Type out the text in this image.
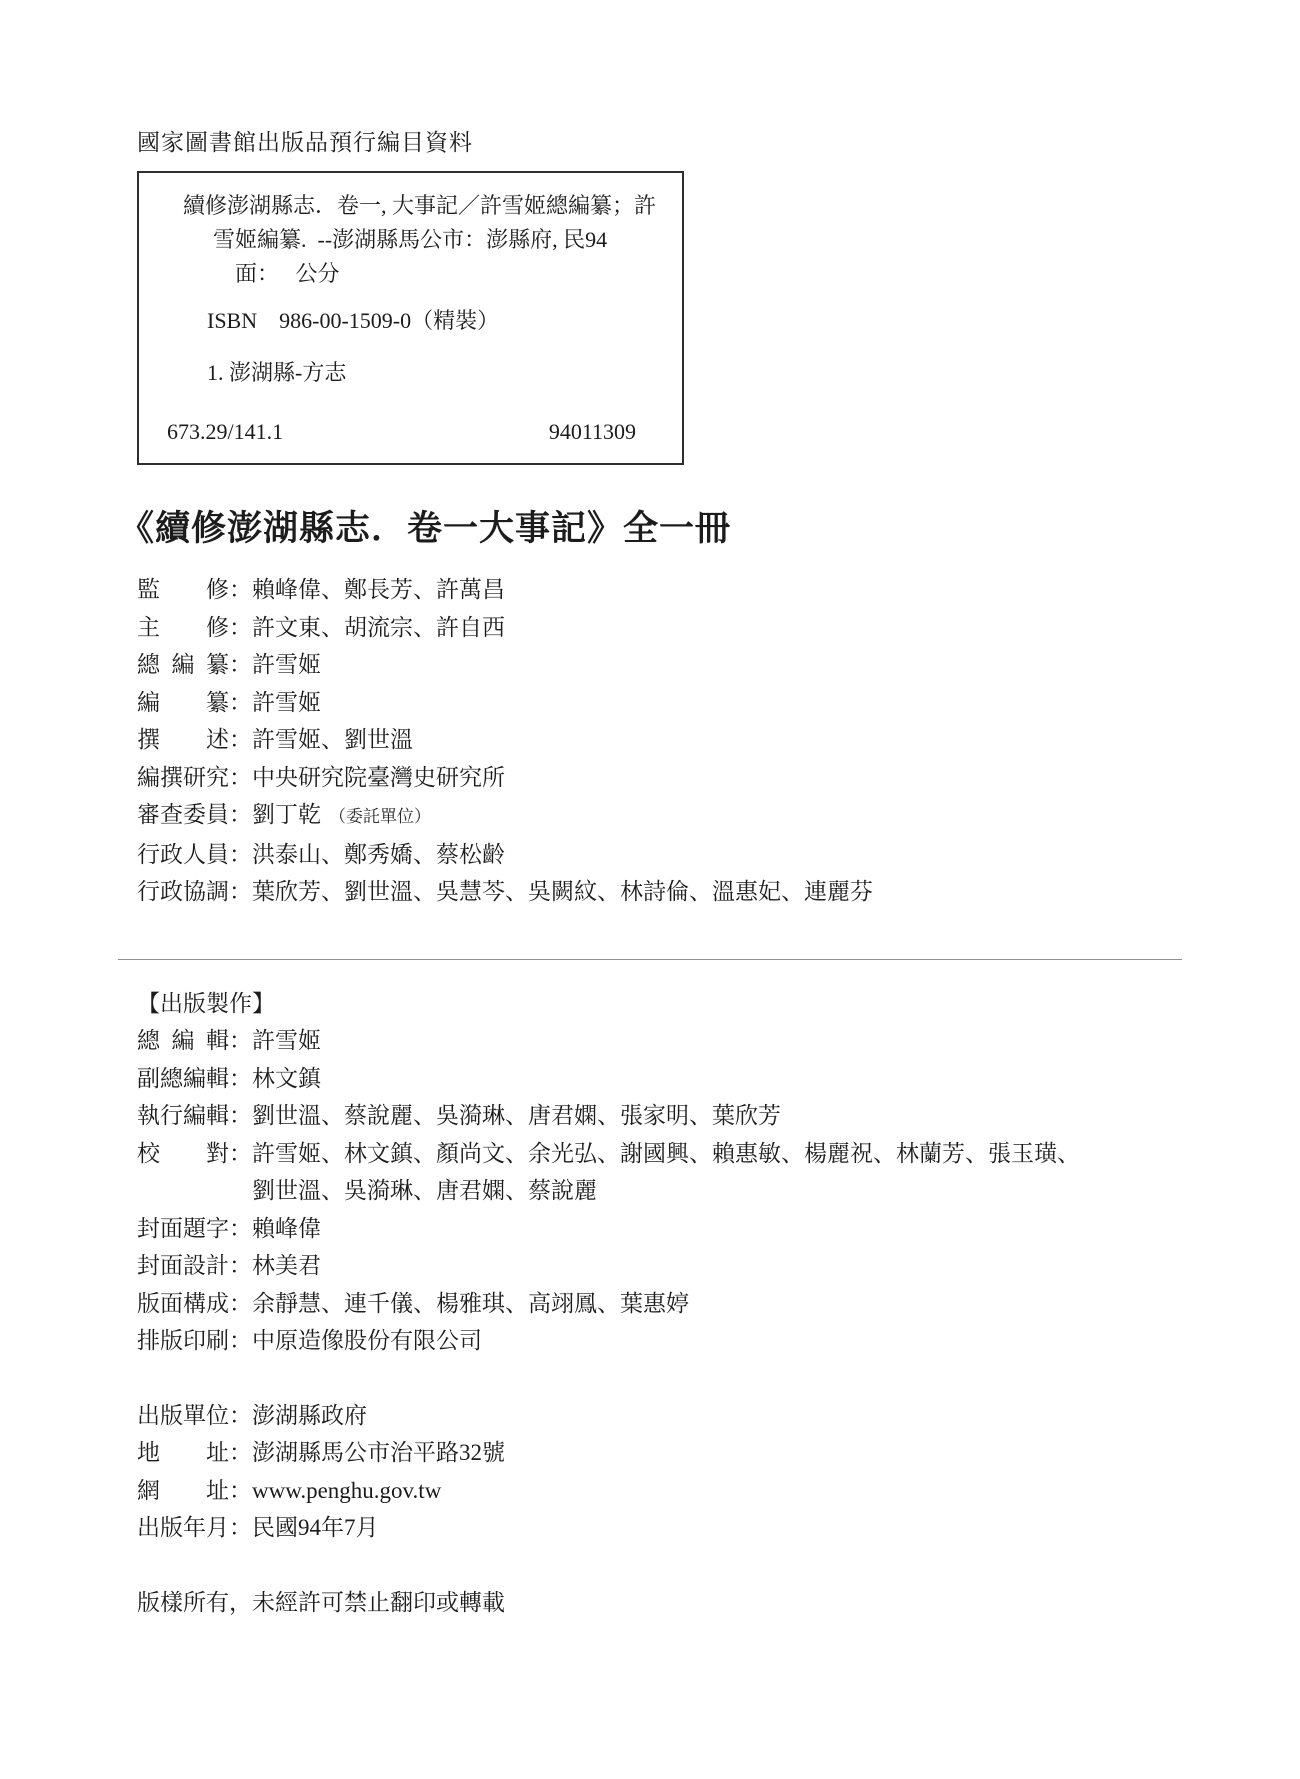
國家圖書館出版品預行編目資料
續修澎湖縣志．卷一, 大事記／許雪姬總編纂；許
雪姬編纂.  --澎湖縣馬公市：澎縣府, 民94
面：　 公分
ISBN　986-00-1509-0（精裝）
1. 澎湖縣-方志
673.29/141.1	94011309
《續修澎湖縣志．卷一大事記》全一冊
監修：賴峰偉、鄭長芳、許萬昌
主修：許文東、胡流宗、許自西
總編纂：許雪姬
編纂：許雪姬
撰述：許雪姬、劉世溫
編撰研究：中央研究院臺灣史研究所
審查委員：劉丁乾 （委託單位）
行政人員：洪泰山、鄭秀嬌、蔡松齡
行政協調：葉欣芳、劉世溫、吳慧芩、吳闕紋、林詩倫、溫惠妃、連麗芬
【出版製作】
總編輯：許雪姬
副總編輯：林文鎮
執行編輯：劉世溫、蔡說麗、吳漪琳、唐君嫻、張家明、葉欣芳
校對：許雪姬、林文鎮、顏尚文、余光弘、謝國興、賴惠敏、楊麗祝、林蘭芳、張玉璜、
劉世溫、吳漪琳、唐君嫻、蔡說麗
封面題字：賴峰偉
封面設計：林美君
版面構成：余靜慧、連千儀、楊雅琪、高翊鳳、葉惠婷
排版印刷：中原造像股份有限公司
出版單位：澎湖縣政府
地址：澎湖縣馬公市治平路32號
網址：www.penghu.gov.tw
出版年月：民國94年7月
版樣所有，未經許可禁止翻印或轉載
